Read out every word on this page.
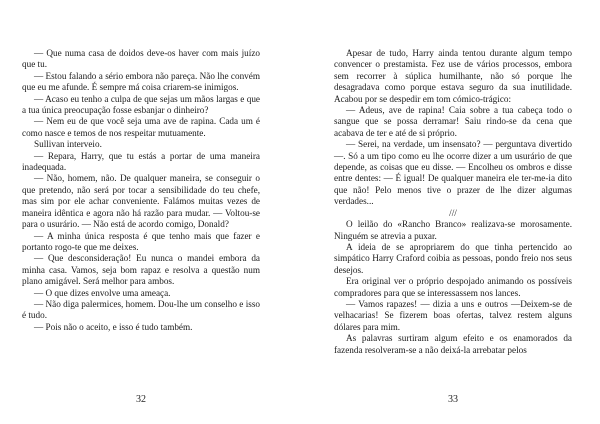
— Que numa casa de doidos deve-os haver com mais juízo que tu.

— Estou falando a sério embora não pareça. Não lhe convém que eu me afunde. É sempre má coisa criarem-se inimigos.

— Acaso eu tenho a culpa de que sejas um mãos largas e que a tua única preocupação fosse esbanjar o dinheiro?

— Nem eu de que você seja uma ave de rapina. Cada um é como nasce e temos de nos respeitar mutuamente.

Sullivan interveio.

— Repara, Harry, que tu estás a portar de uma maneira inadequada.

— Não, homem, não. De qualquer maneira, se conseguir o que pretendo, não será por tocar a sensibilidade do teu chefe, mas sim por ele achar conveniente. Falámos muitas vezes de maneira idêntica e agora não há razão para mudar. — Voltou-se para o usurário. — Não está de acordo comigo, Donald?

— A minha única resposta é que tenho mais que fazer e portanto rogo-te que me deixes.

— Que desconsideração! Eu nunca o mandei embora da minha casa. Vamos, seja bom rapaz e resolva a questão num plano amigável. Será melhor para ambos.

— O que dizes envolve uma ameaça.

— Não diga palermices, homem. Dou-lhe um conselho e isso é tudo.

— Pois não o aceito, e isso é tudo também.

32

Apesar de tudo, Harry ainda tentou durante algum tempo convencer o prestamista. Fez use de vários processos, embora sem recorrer à súplica humilhante, não só porque lhe desagradava como porque estava seguro da sua inutilidade. Acabou por se despedir em tom cómico-trágico:

— Adeus, ave de rapina! Caia sobre a tua cabeça todo o sangue que se possa derramar! Saiu rindo-se da cena que acabava de ter e até de si próprio.

— Serei, na verdade, um insensato? — perguntava divertido —. Só a um tipo como eu lhe ocorre dizer a um usurário de que depende, as coisas que eu disse. — Encolheu os ombros e disse entre dentes: — É igual! De qualquer maneira ele ter-me-ia dito que não! Pelo menos tive o prazer de lhe dizer algumas verdades...

///

O leilão do «Rancho Branco» realizava-se morosamente. Ninguém se atrevia a puxar.

A ideia de se apropriarem do que tinha pertencido ao simpático Harry Craford coibia as pessoas, pondo freio nos seus desejos.

Era original ver o próprio despojado animando os possíveis compradores para que se interessassem nos lances.

— Vamos rapazes! — dizia a uns e outros —Deixem-se de velhacarias! Se fizerem boas ofertas, talvez restem alguns dólares para mim.

As palavras surtiram algum efeito e os enamorados da fazenda resolveram-se a não deixá-la arrebatar pelos

33
